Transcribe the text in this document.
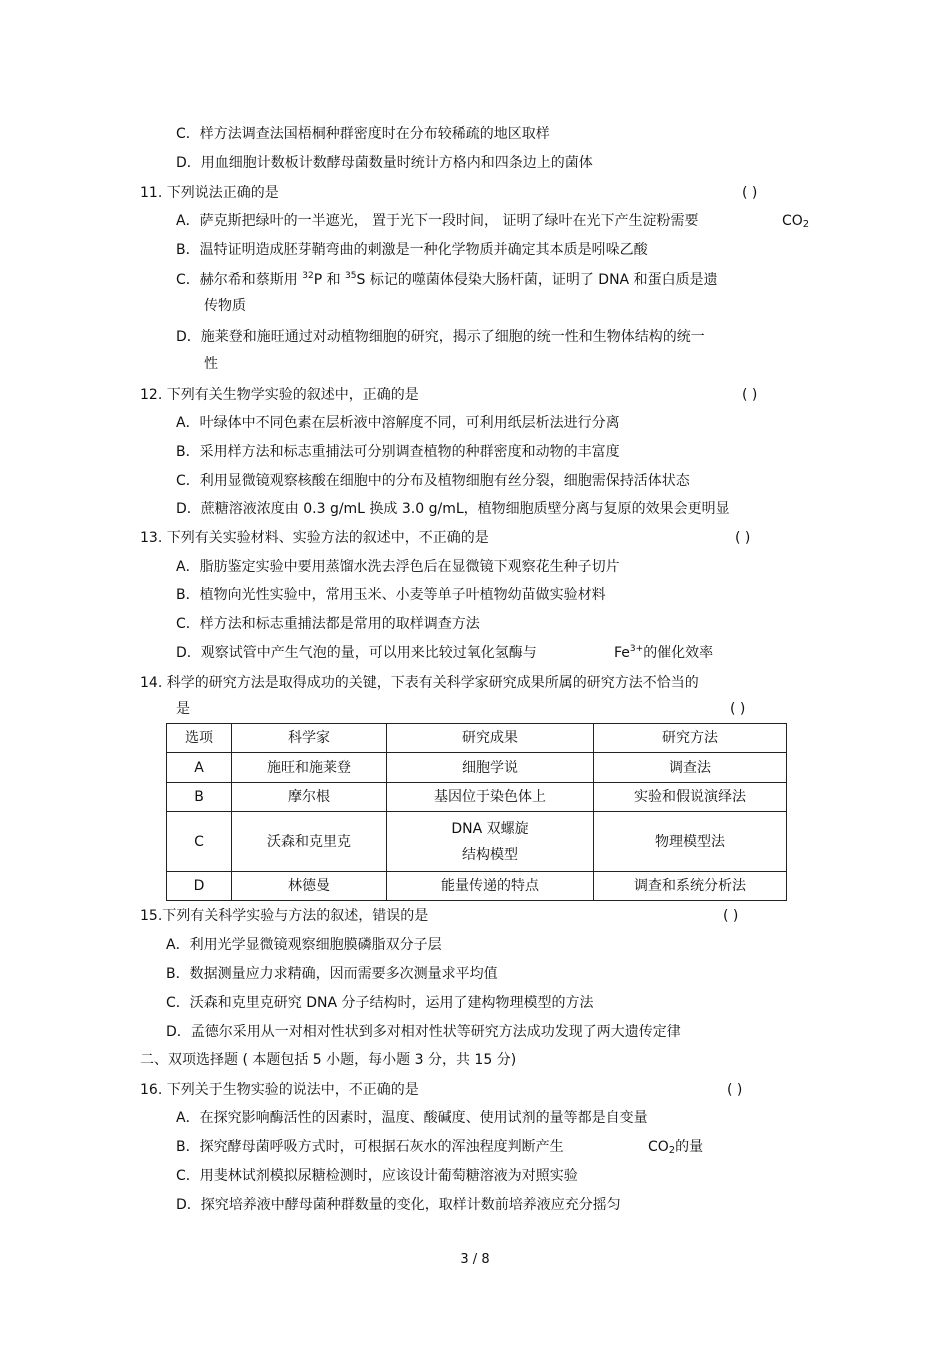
C．样方法调查法国梧桐种群密度时在分布较稀疏的地区取样
D．用血细胞计数板计数酵母菌数量时统计方格内和四条边上的菌体
11. 下列说法正确的是	( )
A．萨克斯把绿叶的一半遮光， 置于光下一段时间， 证明了绿叶在光下产生淀粉需要	$CO_2$
B．温特证明造成胚芽鞘弯曲的刺激是一种化学物质并确定其本质是吲哚乙酸
C．赫尔希和蔡斯用 $^{32}$P 和 $^{35}$S 标记的噬菌体侵染大肠杆菌，证明了 DNA 和蛋白质是遗
传物质
D．施莱登和施旺通过对动植物细胞的研究，揭示了细胞的统一性和生物体结构的统一
性
12. 下列有关生物学实验的叙述中，正确的是	( )
A．叶绿体中不同色素在层析液中溶解度不同，可利用纸层析法进行分离
B．采用样方法和标志重捕法可分别调查植物的种群密度和动物的丰富度
C．利用显微镜观察核酸在细胞中的分布及植物细胞有丝分裂，细胞需保持活体状态
D．蔗糖溶液浓度由 0.3 g/mL 换成 3.0 g/mL，植物细胞质壁分离与复原的效果会更明显
13. 下列有关实验材料、实验方法的叙述中，不正确的是	( )
A．脂肪鉴定实验中要用蒸馏水洗去浮色后在显微镜下观察花生种子切片
B．植物向光性实验中，常用玉米、小麦等单子叶植物幼苗做实验材料
C．样方法和标志重捕法都是常用的取样调查方法
D．观察试管中产生气泡的量，可以用来比较过氧化氢酶与	$Fe^{3+}$的催化效率
14. 科学的研究方法是取得成功的关键，下表有关科学家研究成果所属的研究方法不恰当的
是	( )
选项	科学家	研究成果	研究方法
A	施旺和施莱登	细胞学说	调查法
B	摩尔根	基因位于染色体上	实验和假说演绎法
C	沃森和克里克	DNA 双螺旋
结构模型	物理模型法
D	林德曼	能量传递的特点	调查和系统分析法
15.下列有关科学实验与方法的叙述，错误的是	( )
A．利用光学显微镜观察细胞膜磷脂双分子层
B．数据测量应力求精确，因而需要多次测量求平均值
C．沃森和克里克研究 DNA 分子结构时，运用了建构物理模型的方法
D．孟德尔采用从一对相对性状到多对相对性状等研究方法成功发现了两大遗传定律
二、双项选择题 ( 本题包括 5 小题，每小题 3 分，共 15 分)
16. 下列关于生物实验的说法中，不正确的是	( )
A．在探究影响酶活性的因素时，温度、酸碱度、使用试剂的量等都是自变量
B．探究酵母菌呼吸方式时，可根据石灰水的浑浊程度判断产生	$CO_2$的量
C．用斐林试剂模拟尿糖检测时，应该设计葡萄糖溶液为对照实验
D．探究培养液中酵母菌种群数量的变化，取样计数前培养液应充分摇匀
3 / 8
